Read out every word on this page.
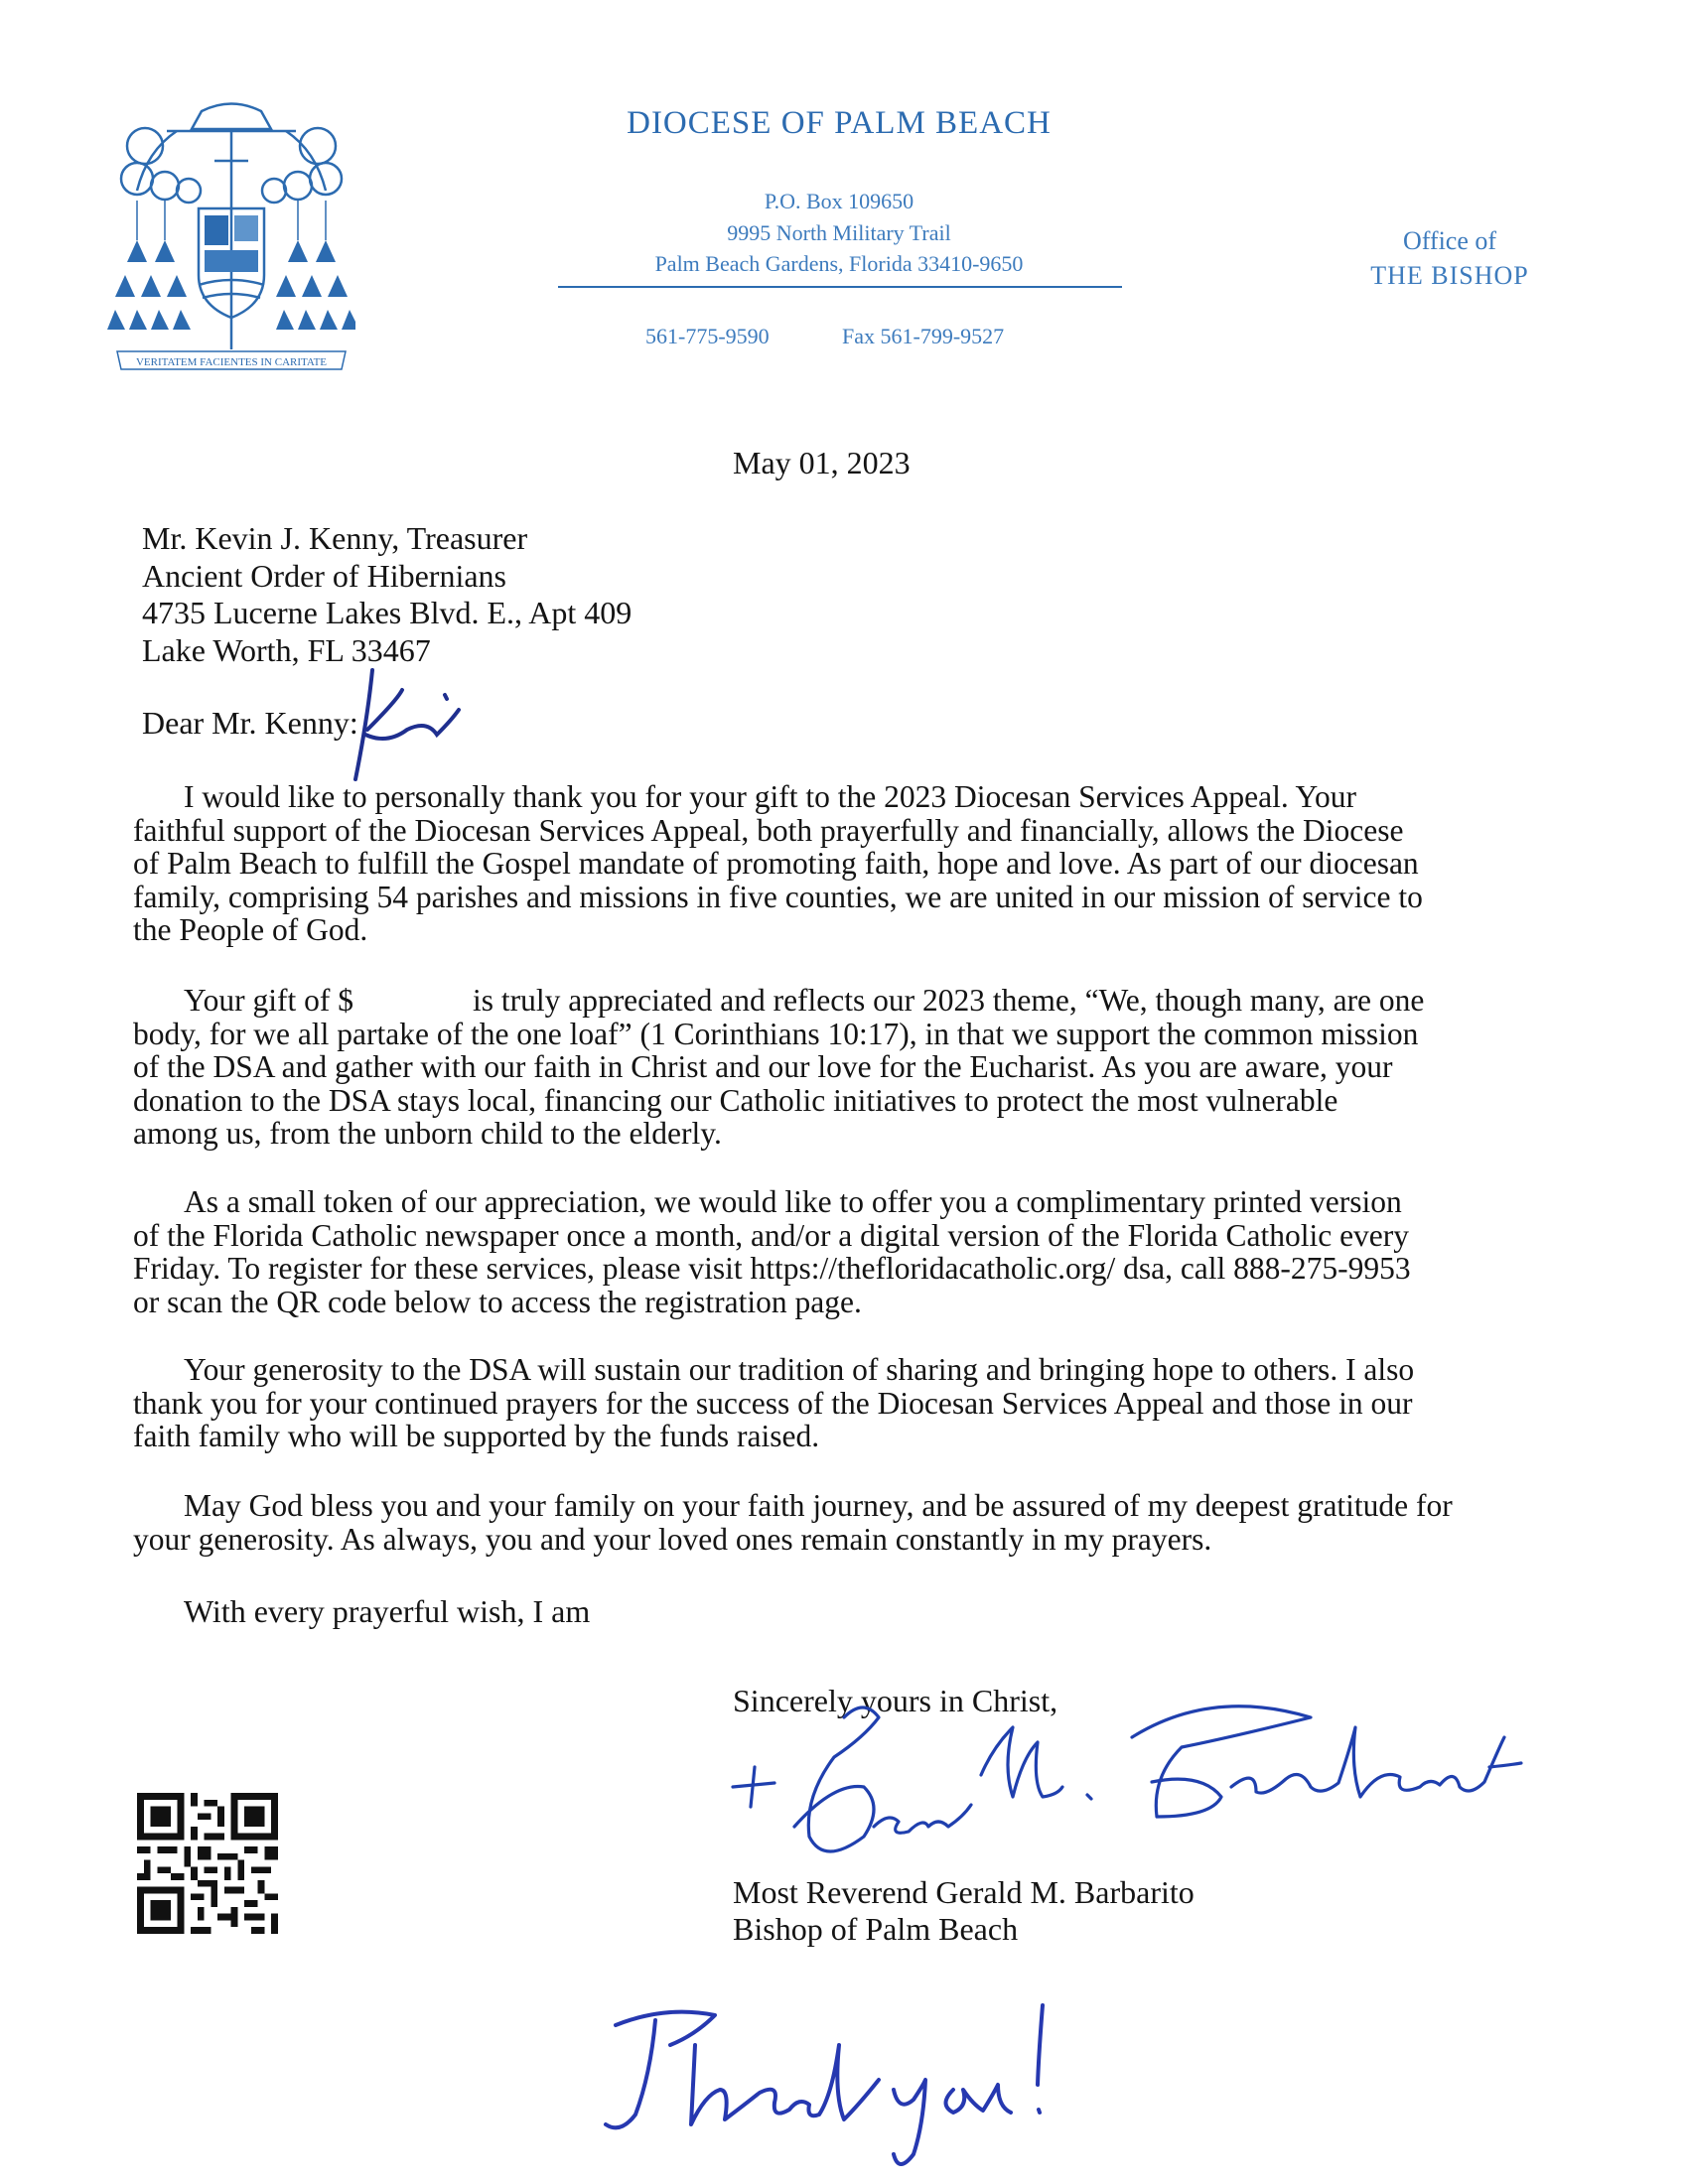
VERITATEM FACIENTES IN CARITATE
DIOCESE OF PALM BEACH
P.O. Box 109650
9995 North Military Trail
Palm Beach Gardens, Florida 33410-9650
561-775-9590	Fax 561-799-9527
Office of
THE BISHOP
May 01, 2023
Mr. Kevin J. Kenny, Treasurer
Ancient Order of Hibernians
4735 Lucerne Lakes Blvd. E., Apt 409
Lake Worth, FL 33467
Dear Mr. Kenny:
I would like to personally thank you for your gift to the 2023 Diocesan Services Appeal. Your
faithful support of the Diocesan Services Appeal, both prayerfully and financially, allows the Diocese
of Palm Beach to fulfill the Gospel mandate of promoting faith, hope and love. As part of our diocesan
family, comprising 54 parishes and missions in five counties, we are united in our mission of service to
the People of God.
Your gift of $	is truly appreciated and reflects our 2023 theme, “We, though many, are one
body, for we all partake of the one loaf” (1 Corinthians 10:17), in that we support the common mission
of the DSA and gather with our faith in Christ and our love for the Eucharist. As you are aware, your
donation to the DSA stays local, financing our Catholic initiatives to protect the most vulnerable
among us, from the unborn child to the elderly.
As a small token of our appreciation, we would like to offer you a complimentary printed version
of the Florida Catholic newspaper once a month, and/or a digital version of the Florida Catholic every
Friday. To register for these services, please visit https://thefloridacatholic.org/ dsa, call 888-275-9953
or scan the QR code below to access the registration page.
Your generosity to the DSA will sustain our tradition of sharing and bringing hope to others. I also
thank you for your continued prayers for the success of the Diocesan Services Appeal and those in our
faith family who will be supported by the funds raised.
May God bless you and your family on your faith journey, and be assured of my deepest gratitude for
your generosity. As always, you and your loved ones remain constantly in my prayers.
With every prayerful wish, I am
Sincerely yours in Christ,
Most Reverend Gerald M. Barbarito
Bishop of Palm Beach
